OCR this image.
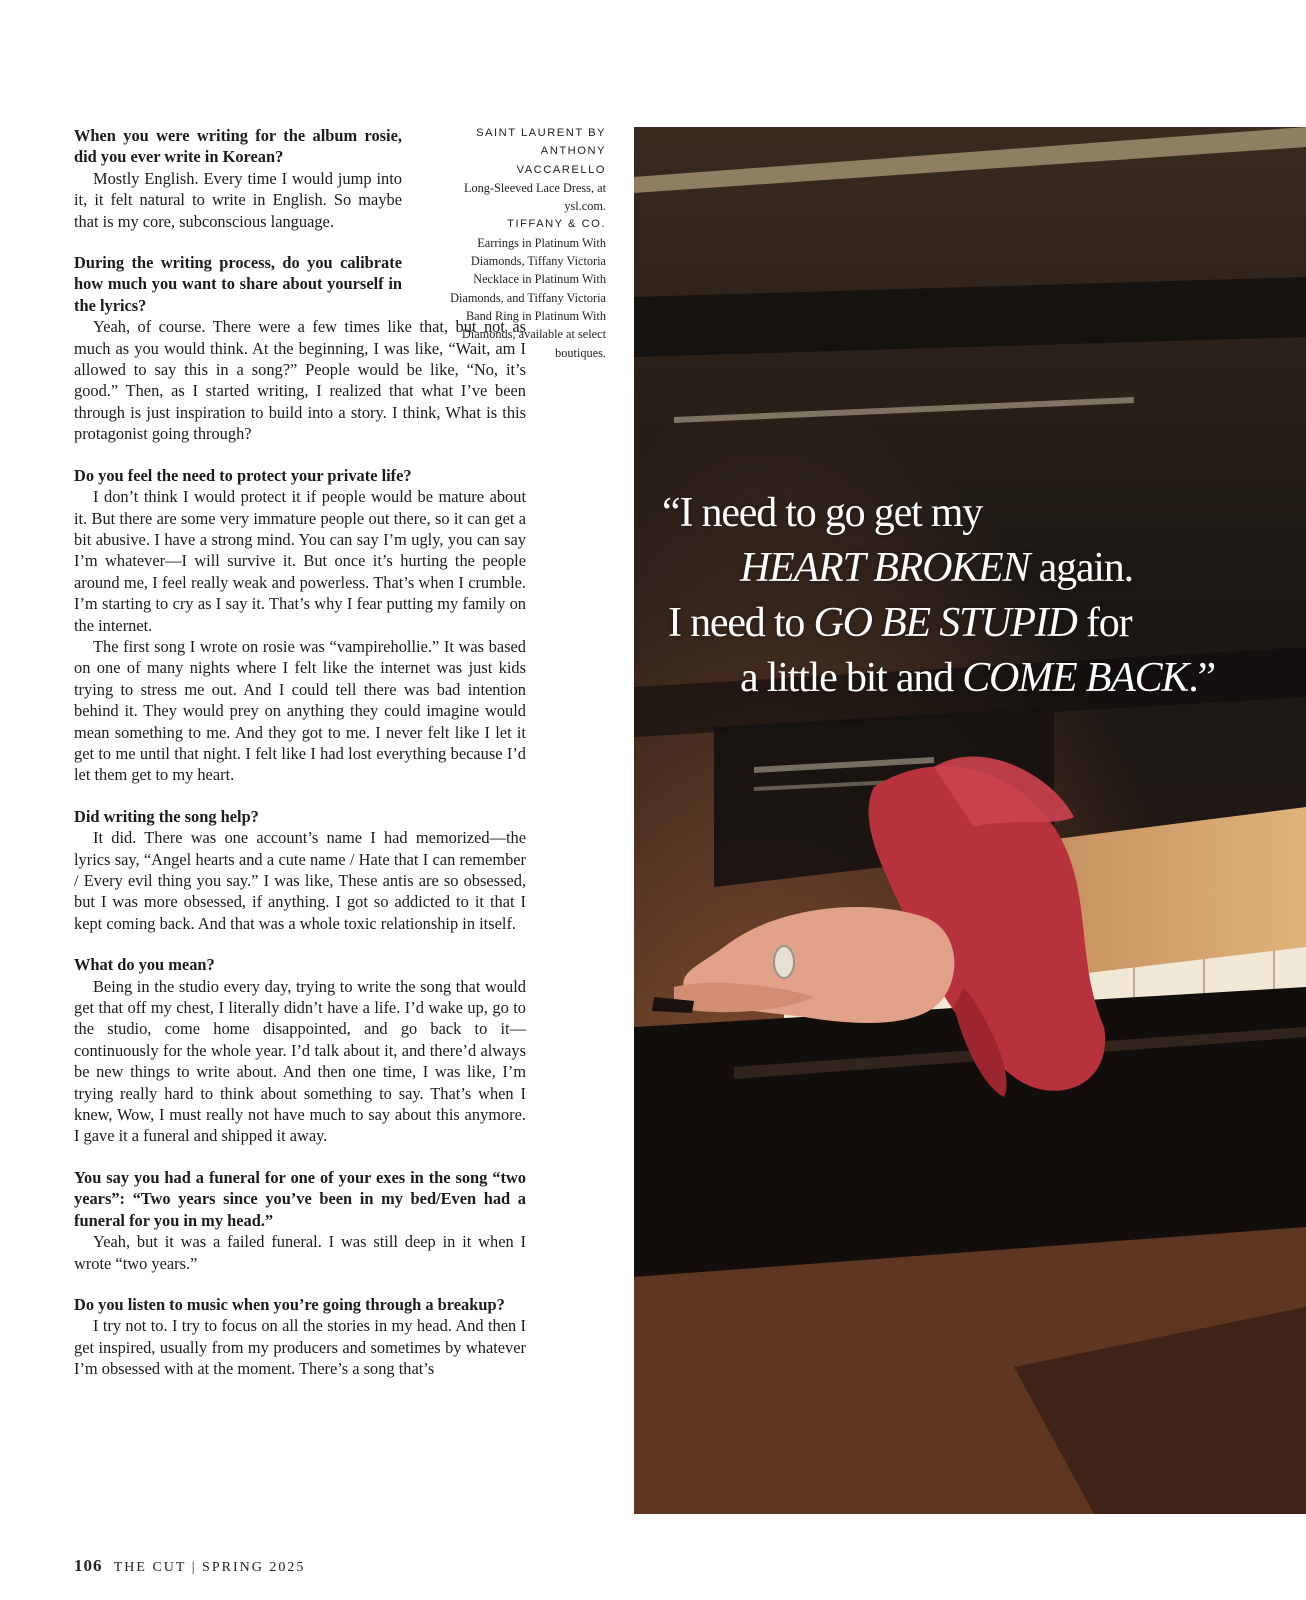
When you were writing for the album rosie, did you ever write in Korean?

Mostly English. Every time I would jump into it, it felt natural to write in English. So maybe that is my core, subconscious language.

During the writing process, do you calibrate how much you want to share about yourself in the lyrics?

Yeah, of course. There were a few times like that, but not as much as you would think. At the beginning, I was like, “Wait, am I allowed to say this in a song?” People would be like, “No, it’s good.” Then, as I started writing, I realized that what I’ve been through is just inspiration to build into a story. I think, What is this protagonist going through?

Do you feel the need to protect your private life?

I don’t think I would protect it if people would be mature about it. But there are some very immature people out there, so it can get a bit abusive. I have a strong mind. You can say I’m ugly, you can say I’m whatever—I will survive it. But once it’s hurting the people around me, I feel really weak and powerless. That’s when I crumble. I’m starting to cry as I say it. That’s why I fear putting my family on the internet.

The first song I wrote on rosie was “vampirehollie.” It was based on one of many nights where I felt like the internet was just kids trying to stress me out. And I could tell there was bad intention behind it. They would prey on anything they could imagine would mean something to me. And they got to me. I never felt like I let it get to me until that night. I felt like I had lost everything because I’d let them get to my heart.

Did writing the song help?

It did. There was one account’s name I had memorized—the lyrics say, “Angel hearts and a cute name / Hate that I can remember / Every evil thing you say.” I was like, These antis are so obsessed, but I was more obsessed, if anything. I got so addicted to it that I kept coming back. And that was a whole toxic relationship in itself.

What do you mean?

Being in the studio every day, trying to write the song that would get that off my chest, I literally didn’t have a life. I’d wake up, go to the studio, come home disappointed, and go back to it—continuously for the whole year. I’d talk about it, and there’d always be new things to write about. And then one time, I was like, I’m trying really hard to think about something to say. That’s when I knew, Wow, I must really not have much to say about this anymore. I gave it a funeral and shipped it away.

You say you had a funeral for one of your exes in the song “two years”: “Two years since you’ve been in my bed/Even had a funeral for you in my head.”

Yeah, but it was a failed funeral. I was still deep in it when I wrote “two years.”

Do you listen to music when you’re going through a breakup?

I try not to. I try to focus on all the stories in my head. And then I get inspired, usually from my producers and sometimes by whatever I’m obsessed with at the moment. There’s a song that’s

SAINT LAURENT BY ANTHONY VACCARELLO
Long-Sleeved Lace Dress, at ysl.com.
TIFFANY & CO.
Earrings in Platinum With Diamonds, Tiffany Victoria Necklace in Platinum With Diamonds, and Tiffany Victoria Band Ring in Platinum With Diamonds, available at select boutiques.
“I need to go get my
HEART BROKEN again.
I need to GO BE STUPID for
a little bit and COME BACK.”
106 THE CUT | SPRING 2025
